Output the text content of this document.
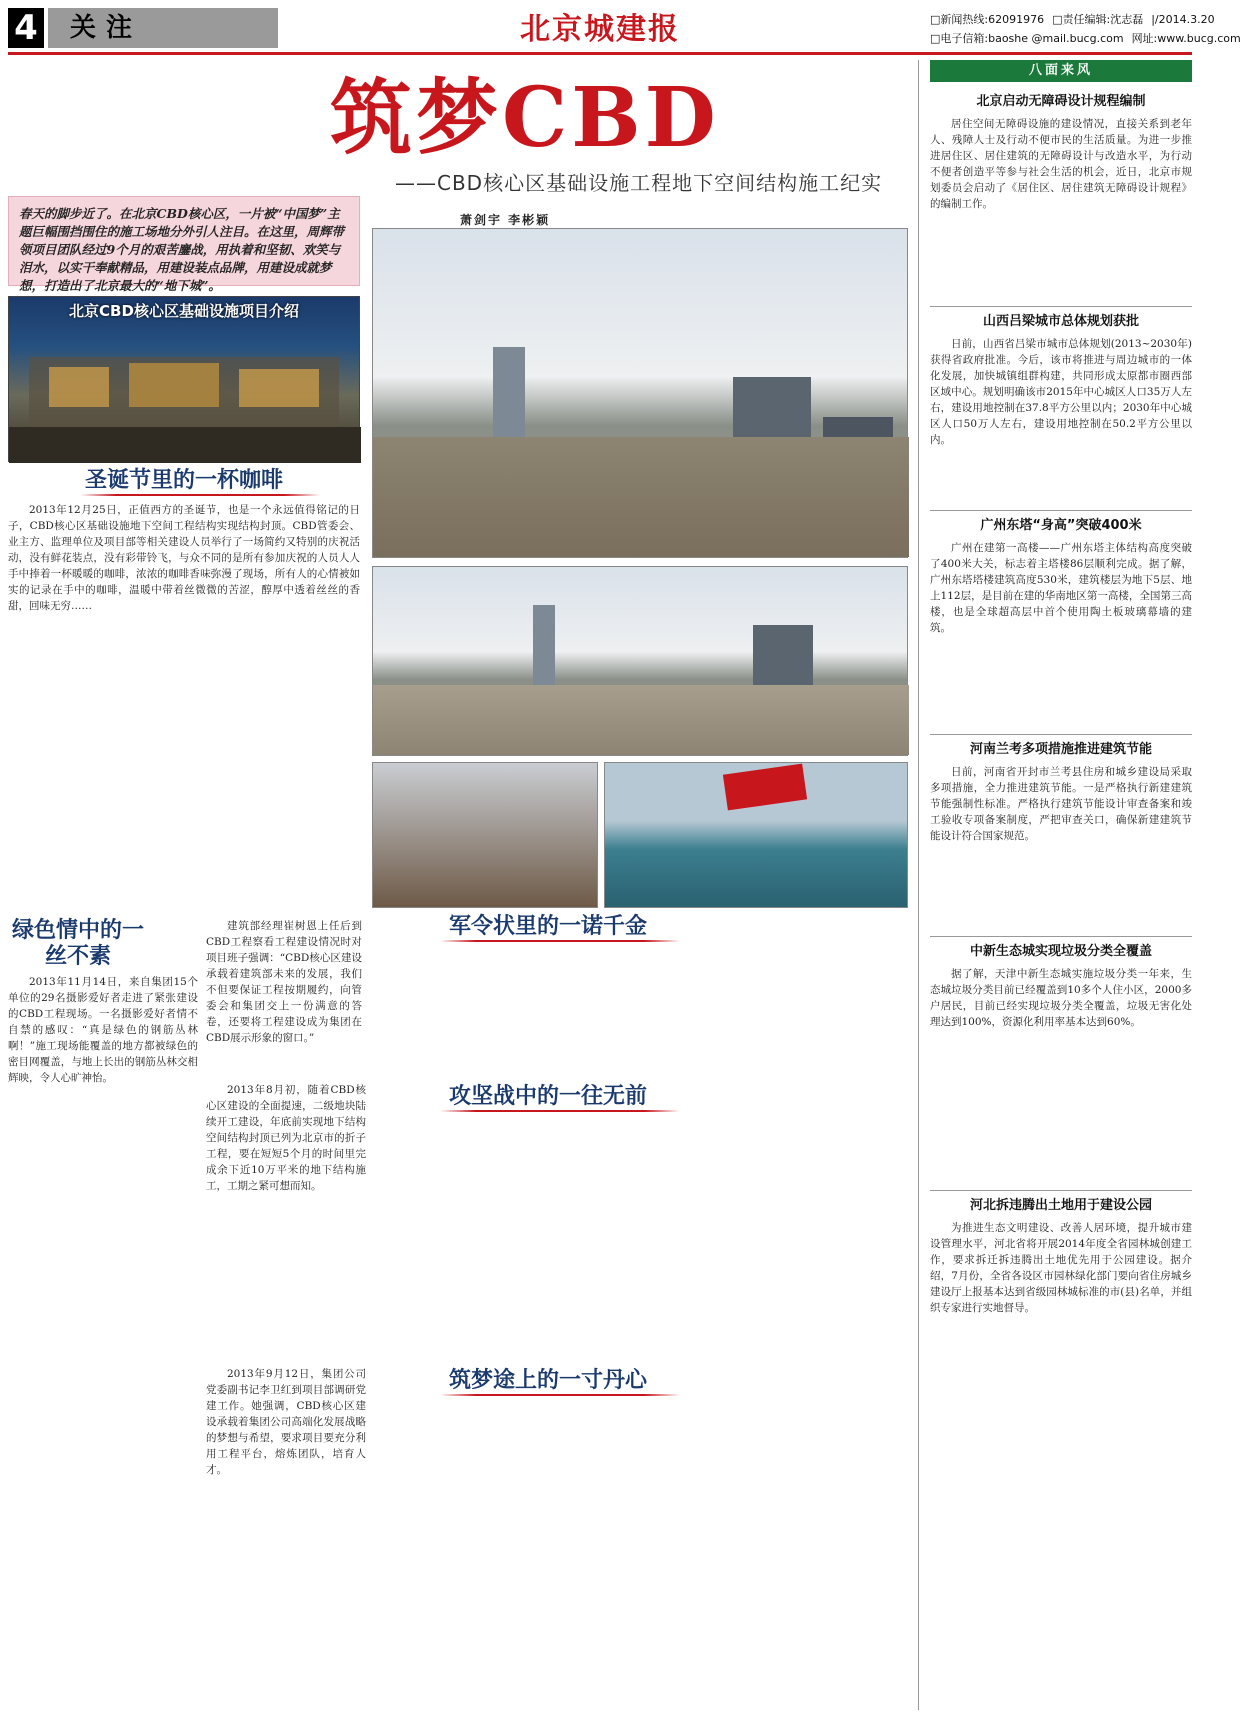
4	关注	北京城建报	□新闻热线:62091976 □责任编辑:沈志磊 |/2014.3.20
□电子信箱:baoshe @mail.bucg.com 网址:www.bucg.com
筑梦CBD
——CBD核心区基础设施工程地下空间结构施工纪实
萧剑宇 李彬颖
春天的脚步近了。在北京CBD核心区，一片被“中国梦”主题巨幅围挡围住的施工场地分外引人注目。在这里，周辉带领项目团队经过9个月的艰苦鏖战，用执着和坚韧、欢笑与泪水，以实干奉献精品，用建设装点品牌，用建设成就梦想，打造出了北京最大的“地下城”。
北京CBD核心区基础设施项目介绍
圣诞节里的一杯咖啡
绿色情中的一丝不素
军令状里的一诺千金
攻坚战中的一往无前
筑梦途上的一寸丹心

2013年12月25日，正值西方的圣诞节，也是一个永远值得铭记的日子，CBD核心区基础设施地下空间工程结构实现结构封顶。CBD管委会、业主方、监理单位及项目部等相关建设人员举行了一场简约又特别的庆祝活动，没有鲜花装点，没有彩带铃飞，与众不同的是所有参加庆祝的人员人人手中捧着一杯暖暖的咖啡，浓浓的咖啡香味弥漫了现场，所有人的心情被如实的记录在手中的咖啡，温暖中带着丝微微的苦涩，醇厚中透着丝丝的香甜，回味无穷……

2013年11月14日，来自集团15个单位的29名摄影爱好者走进了紧张建设的CBD工程现场。一名摄影爱好者情不自禁的感叹：“真是绿色的钢筋丛林啊！”施工现场能覆盖的地方都被绿色的密目网覆盖，与地上长出的钢筋丛林交相辉映，令人心旷神怡。

建筑部经理崔树恩上任后到CBD工程察看工程建设情况时对项目班子强调：“CBD核心区建设承载着建筑部未来的发展，我们不但要保证工程按期履约，向管委会和集团交上一份满意的答卷，还要将工程建设成为集团在CBD展示形象的窗口。”

2013年8月初，随着CBD核心区建设的全面提速，二级地块陆续开工建设，年底前实现地下结构空间结构封顶已列为北京市的折子工程，要在短短5个月的时间里完成余下近10万平米的地下结构施工，工期之紧可想而知。

2013年9月12日，集团公司党委副书记李卫红到项目部调研党建工作。她强调，CBD核心区建设承载着集团公司高端化发展战略的梦想与希望，要求项目要充分利用工程平台，熔炼团队，培育人才。

八面来风
北京启动无障碍设计规程编制
居住空间无障碍设施的建设情况，直接关系到老年人、残障人士及行动不便市民的生活质量。为进一步推进居住区、居住建筑的无障碍设计与改造水平，为行动不便者创造平等参与社会生活的机会，近日，北京市规划委员会启动了《居住区、居住建筑无障碍设计规程》的编制工作。
山西吕梁城市总体规划获批
日前，山西省吕梁市城市总体规划(2013~2030年)获得省政府批准。今后，该市将推进与周边城市的一体化发展，加快城镇组群构建，共同形成太原都市圈西部区域中心。规划明确该市2015年中心城区人口35万人左右，建设用地控制在37.8平方公里以内；2030年中心城区人口50万人左右，建设用地控制在50.2平方公里以内。
广州东塔“身高”突破400米
广州在建第一高楼——广州东塔主体结构高度突破了400米大关，标志着主塔楼86层顺利完成。据了解，广州东塔塔楼建筑高度530米，建筑楼层为地下5层、地上112层，是目前在建的华南地区第一高楼，全国第三高楼，也是全球超高层中首个使用陶土板玻璃幕墙的建筑。
河南兰考多项措施推进建筑节能
日前，河南省开封市兰考县住房和城乡建设局采取多项措施，全力推进建筑节能。一是严格执行新建建筑节能强制性标准。严格执行建筑节能设计审查备案和竣工验收专项备案制度，严把审查关口，确保新建建筑节能设计符合国家规范。
中新生态城实现垃圾分类全覆盖
据了解，天津中新生态城实施垃圾分类一年来，生态城垃圾分类目前已经覆盖到10多个人住小区，2000多户居民，目前已经实现垃圾分类全覆盖，垃圾无害化处理达到100%，资源化利用率基本达到60%。
河北拆违腾出土地用于建设公园
为推进生态文明建设、改善人居环境，提升城市建设管理水平，河北省将开展2014年度全省园林城创建工作，要求拆迁拆违腾出土地优先用于公园建设。据介绍，7月份，全省各设区市园林绿化部门要向省住房城乡建设厅上报基本达到省级园林城标准的市(县)名单，并组织专家进行实地督导。
